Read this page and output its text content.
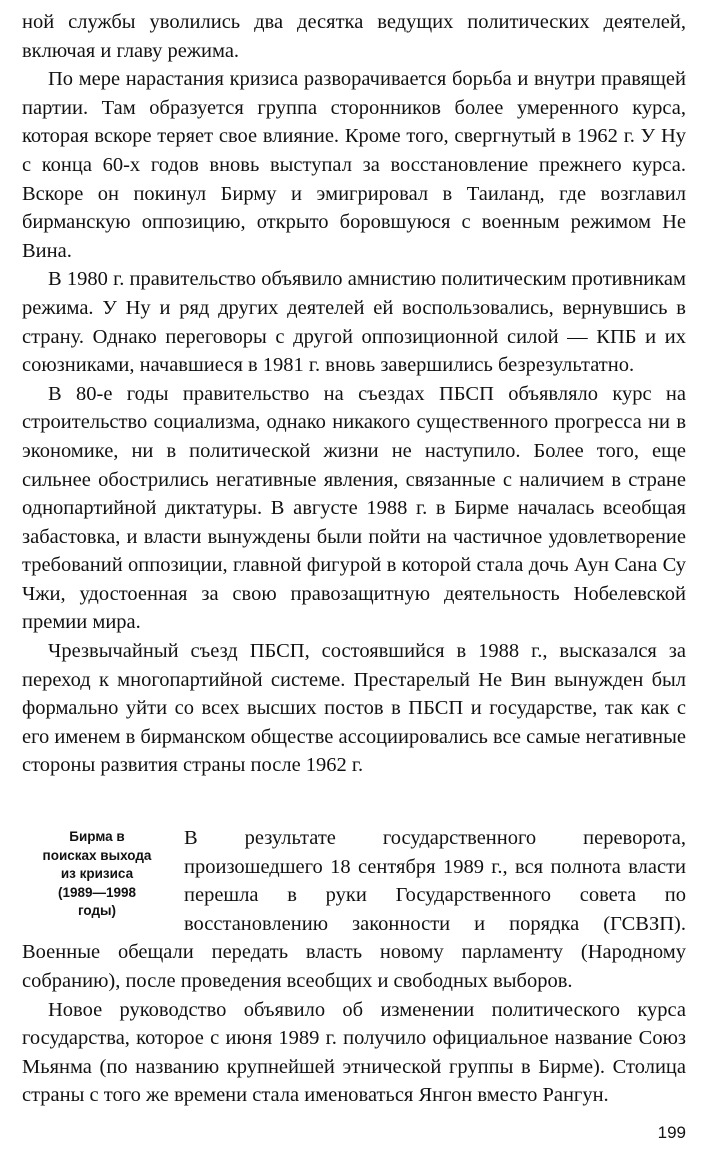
ной службы уволились два десятка ведущих политических деятелей, включая и главу режима.

По мере нарастания кризиса разворачивается борьба и внутри правящей партии. Там образуется группа сторонников более умеренного курса, которая вскоре теряет свое влияние. Кроме того, свергнутый в 1962 г. У Ну с конца 60-х годов вновь выступал за восстановление прежнего курса. Вскоре он покинул Бирму и эмигрировал в Таиланд, где возглавил бирманскую оппозицию, открыто боровшуюся с военным режимом Не Вина.

В 1980 г. правительство объявило амнистию политическим противникам режима. У Ну и ряд других деятелей ей воспользовались, вернувшись в страну. Однако переговоры с другой оппозиционной силой — КПБ и их союзниками, начавшиеся в 1981 г. вновь завершились безрезультатно.

В 80-е годы правительство на съездах ПБСП объявляло курс на строительство социализма, однако никакого существенного прогресса ни в экономике, ни в политической жизни не наступило. Более того, еще сильнее обострились негативные явления, связанные с наличием в стране однопартийной диктатуры. В августе 1988 г. в Бирме началась всеобщая забастовка, и власти вынуждены были пойти на частичное удовлетворение требований оппозиции, главной фигурой в которой стала дочь Аун Сана Су Чжи, удостоенная за свою правозащитную деятельность Нобелевской премии мира.

Чрезвычайный съезд ПБСП, состоявшийся в 1988 г., высказался за переход к многопартийной системе. Престарелый Не Вин вынужден был формально уйти со всех высших постов в ПБСП и государстве, так как с его именем в бирманском обществе ассоциировались все самые негативные стороны развития страны после 1962 г.

Бирма в
поисках выхода
из кризиса
(1989—1998
годы)

В результате государственного переворота, произошедшего 18 сентября 1989 г., вся полнота власти перешла в руки Государственного совета по восстановлению законности и порядка (ГСВЗП). Военные обещали передать власть новому парламенту (Народному собранию), после проведения всеобщих и свободных выборов.

Новое руководство объявило об изменении политического курса государства, которое с июня 1989 г. получило официальное название Союз Мьянма (по названию крупнейшей этнической группы в Бирме). Столица страны с того же времени стала именоваться Янгон вместо Рангун.

199
